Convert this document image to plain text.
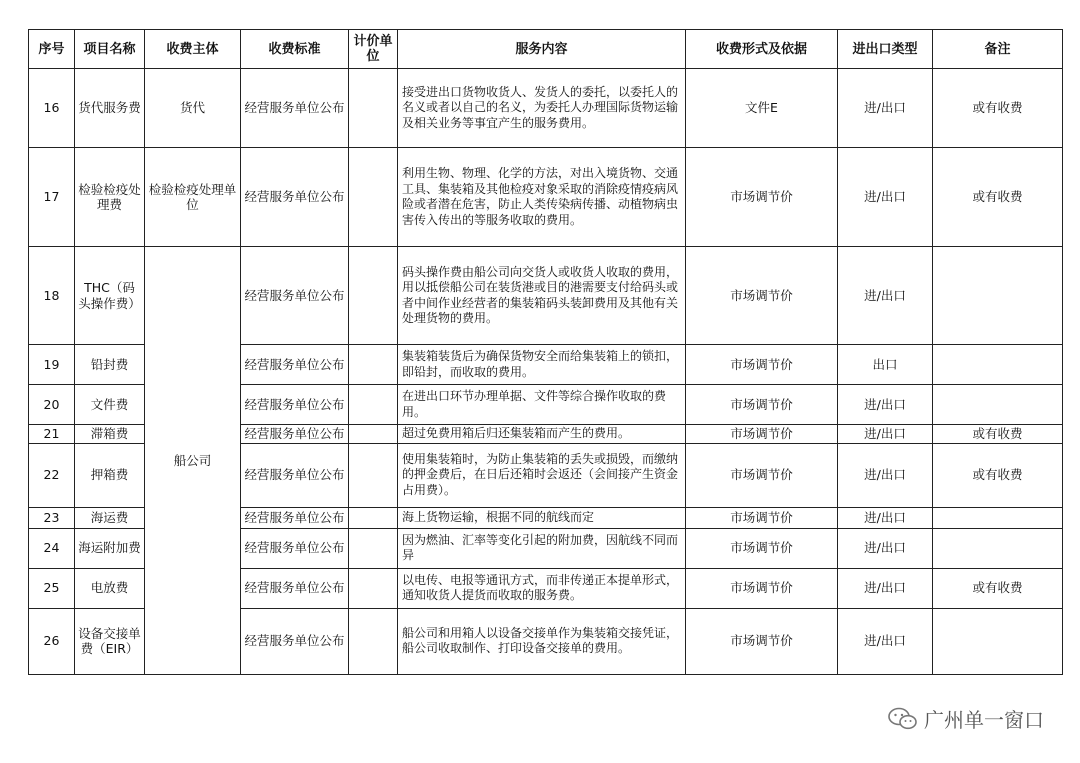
序号	项目名称	收费主体	收费标准	计价单位	服务内容	收费形式及依据	进出口类型	备注
16	货代服务费	货代	经营服务单位公布		接受进出口货物收货人、发货人的委托，以委托人的名义或者以自己的名义，为委托人办理国际货物运输及相关业务等事宜产生的服务费用。	文件E	进/出口	或有收费
17	检验检疫处理费	检验检疫处理单位	经营服务单位公布		利用生物、物理、化学的方法，对出入境货物、交通工具、集装箱及其他检疫对象采取的消除疫情疫病风险或者潜在危害，防止人类传染病传播、动植物病虫害传入传出的等服务收取的费用。	市场调节价	进/出口	或有收费
18	THC（码头操作费）	船公司	经营服务单位公布		码头操作费由船公司向交货人或收货人收取的费用，用以抵偿船公司在装货港或目的港需要支付给码头或者中间作业经营者的集装箱码头装卸费用及其他有关处理货物的费用。	市场调节价	进/出口	
19	铅封费		经营服务单位公布		集装箱装货后为确保货物安全而给集装箱上的锁扣，即铅封，而收取的费用。	市场调节价	出口	
20	文件费		经营服务单位公布		在进出口环节办理单据、文件等综合操作收取的费用。	市场调节价	进/出口	
21	滞箱费		经营服务单位公布		超过免费用箱后归还集装箱而产生的费用。	市场调节价	进/出口	或有收费
22	押箱费		经营服务单位公布		使用集装箱时，为防止集装箱的丢失或损毁，而缴纳的押金费后，在日后还箱时会返还（会间接产生资金占用费）。	市场调节价	进/出口	或有收费
23	海运费		经营服务单位公布		海上货物运输，根据不同的航线而定	市场调节价	进/出口	
24	海运附加费		经营服务单位公布		因为燃油、汇率等变化引起的附加费，因航线不同而异	市场调节价	进/出口	
25	电放费		经营服务单位公布		以电传、电报等通讯方式，而非传递正本提单形式，通知收货人提货而收取的服务费。	市场调节价	进/出口	或有收费
26	设备交接单费（EIR）		经营服务单位公布		船公司和用箱人以设备交接单作为集装箱交接凭证，船公司收取制作、打印设备交接单的费用。	市场调节价	进/出口	
广州单一窗口
